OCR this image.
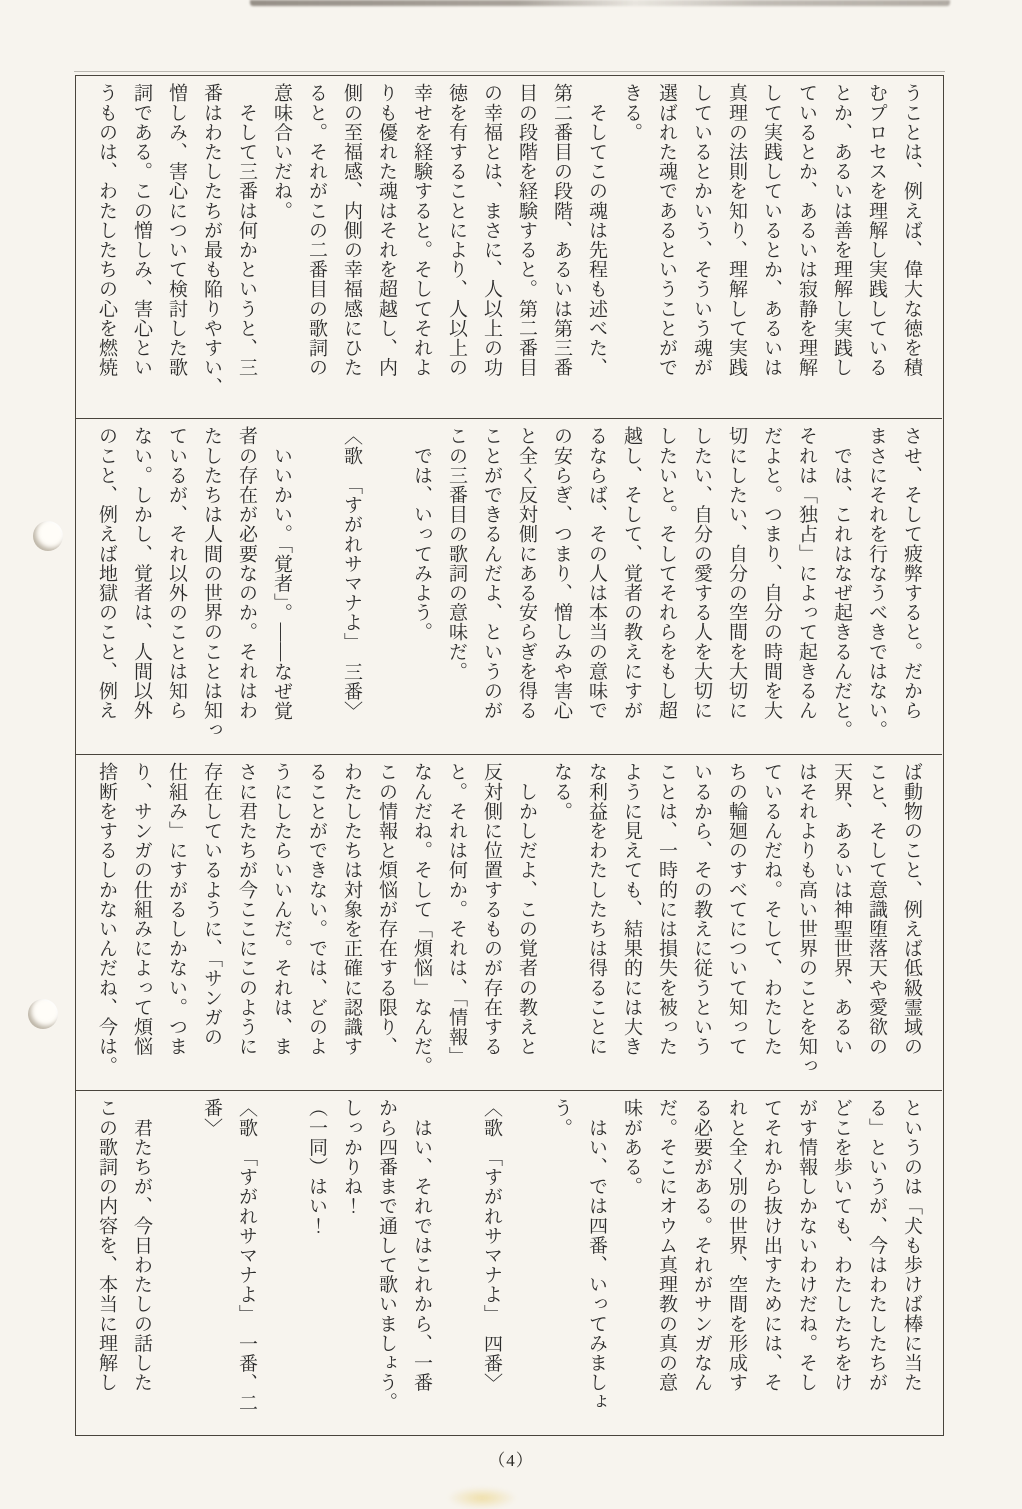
うことは、例えば、偉大な徳を積

むプロセスを理解し実践している

とか、あるいは善を理解し実践し

ているとか、あるいは寂静を理解

して実践しているとか、あるいは

真理の法則を知り、理解して実践

しているとかいう、そういう魂が

選ばれた魂であるということがで

きる。

　そしてこの魂は先程も述べた、

第二番目の段階、あるいは第三番

目の段階を経験すると。第二番目

の幸福とは、まさに、人以上の功

徳を有することにより、人以上の

幸せを経験すると。そしてそれよ

りも優れた魂はそれを超越し、内

側の至福感、内側の幸福感にひた

ると。それがこの二番目の歌詞の

意味合いだね。

　そして三番は何かというと、三

番はわたしたちが最も陥りやすい、

憎しみ、害心について検討した歌

詞である。この憎しみ、害心とい

うものは、わたしたちの心を燃焼

させ、そして疲弊すると。だから

まさにそれを行なうべきではない。

　では、これはなぜ起きるんだと。

それは「独占」によって起きるん

だよと。つまり、自分の時間を大

切にしたい、自分の空間を大切に

したい、自分の愛する人を大切に

したいと。そしてそれらをもし超

越し、そして、覚者の教えにすが

るならば、その人は本当の意味で

の安らぎ、つまり、憎しみや害心

と全く反対側にある安らぎを得る

ことができるんだよ、というのが

この三番目の歌詞の意味だ。

　では、いってみよう。

〈歌　「すがれサマナよ」　三番〉

　いいかい。「覚者」。――なぜ覚

者の存在が必要なのか。それはわ

たしたちは人間の世界のことは知っ

ているが、それ以外のことは知ら

ない。しかし、覚者は、人間以外

のこと、例えば地獄のこと、例え

ば動物のこと、例えば低級霊域の

こと、そして意識堕落天や愛欲の

天界、あるいは神聖世界、あるい

はそれよりも高い世界のことを知っ

ているんだね。そして、わたした

ちの輪廻のすべてについて知って

いるから、その教えに従うという

ことは、一時的には損失を被った

ように見えても、結果的には大き

な利益をわたしたちは得ることに

なる。

　しかしだよ、この覚者の教えと

反対側に位置するものが存在する

と。それは何か。それは、「情報」

なんだね。そして「煩悩」なんだ。

この情報と煩悩が存在する限り、

わたしたちは対象を正確に認識す

ることができない。では、どのよ

うにしたらいいんだ。それは、ま

さに君たちが今ここにこのように

存在しているように、「サンガの

仕組み」にすがるしかない。つま

り、サンガの仕組みによって煩悩

捨断をするしかないんだね、今は。

というのは「犬も歩けば棒に当た

る」というが、今はわたしたちが

どこを歩いても、わたしたちをけ

がす情報しかないわけだね。そし

てそれから抜け出すためには、そ

れと全く別の世界、空間を形成す

る必要がある。それがサンガなん

だ。そこにオウム真理教の真の意

味がある。

　はい、では四番、いってみましょ

う。

〈歌　「すがれサマナよ」　四番〉

　はい、それではこれから、一番

から四番まで通して歌いましょう。

しっかりね！

（一同）はい！

〈歌　「すがれサマナよ」　一番、二

番〉

　君たちが、今日わたしの話した

この歌詞の内容を、本当に理解し

（4）
